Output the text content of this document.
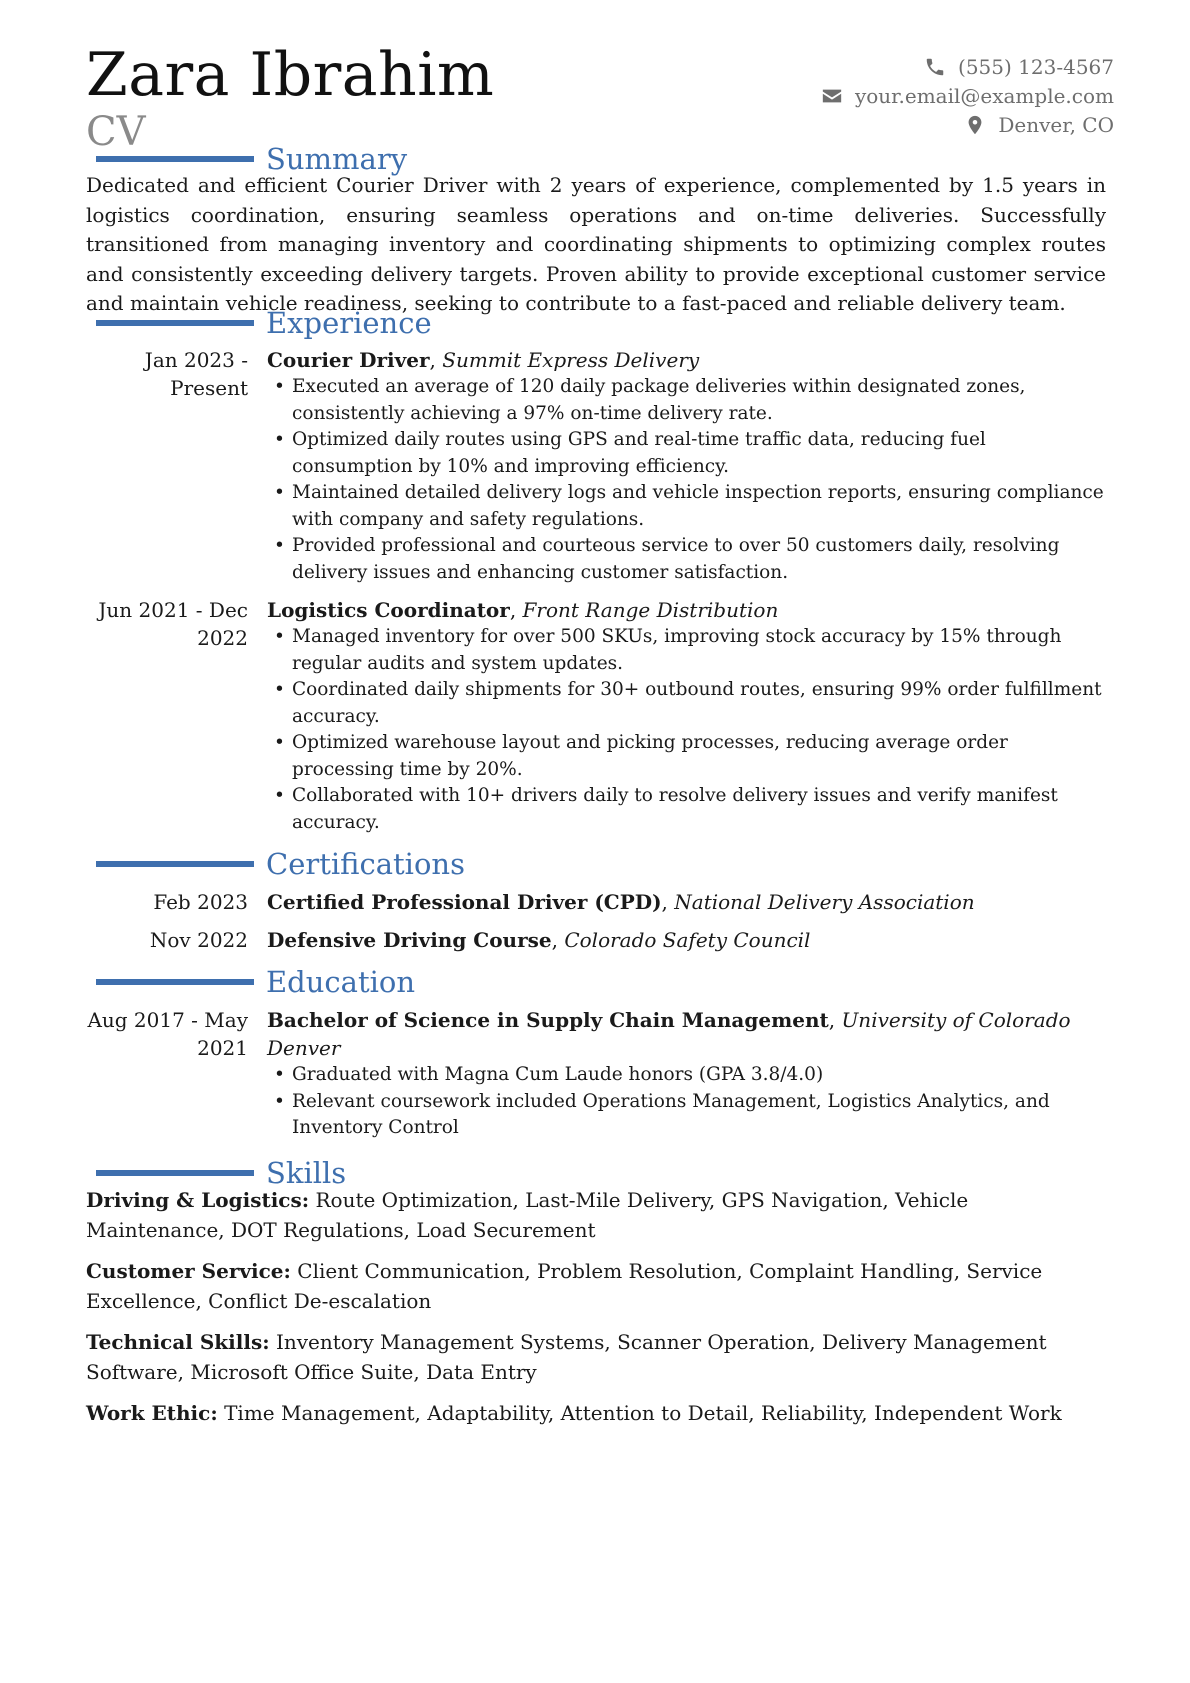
Zara Ibrahim
CV
(555) 123-4567
your.email@example.com
Denver, CO
Summary

Dedicated and efficient Courier Driver with 2 years of experience, complemented by 1.5 years in logistics coordination, ensuring seamless operations and on-time deliveries. Successfully transitioned from managing inventory and coordinating shipments to optimizing complex routes and consistently exceeding delivery targets. Proven ability to provide exceptional customer service and maintain vehicle readiness, seeking to contribute to a fast-paced and reliable delivery team.

Experience
Jan 2023 - Present
Courier Driver, Summit Express Delivery
• Executed an average of 120 daily package deliveries within designated zones, consistently achieving a 97% on-time delivery rate.
• Optimized daily routes using GPS and real-time traffic data, reducing fuel consumption by 10% and improving efficiency.
• Maintained detailed delivery logs and vehicle inspection reports, ensuring compliance with company and safety regulations.
• Provided professional and courteous service to over 50 customers daily, resolving delivery issues and enhancing customer satisfaction.
Jun 2021 - Dec 2022
Logistics Coordinator, Front Range Distribution
• Managed inventory for over 500 SKUs, improving stock accuracy by 15% through regular audits and system updates.
• Coordinated daily shipments for 30+ outbound routes, ensuring 99% order fulfillment accuracy.
• Optimized warehouse layout and picking processes, reducing average order processing time by 20%.
• Collaborated with 10+ drivers daily to resolve delivery issues and verify manifest accuracy.
Certifications
Feb 2023 Certified Professional Driver (CPD), National Delivery Association
Nov 2022 Defensive Driving Course, Colorado Safety Council
Education
Aug 2017 - May 2021
Bachelor of Science in Supply Chain Management, University of Colorado Denver
• Graduated with Magna Cum Laude honors (GPA 3.8/4.0)
• Relevant coursework included Operations Management, Logistics Analytics, and Inventory Control
Skills

Driving & Logistics: Route Optimization, Last-Mile Delivery, GPS Navigation, Vehicle Maintenance, DOT Regulations, Load Securement

Customer Service: Client Communication, Problem Resolution, Complaint Handling, Service Excellence, Conflict De-escalation

Technical Skills: Inventory Management Systems, Scanner Operation, Delivery Management Software, Microsoft Office Suite, Data Entry

Work Ethic: Time Management, Adaptability, Attention to Detail, Reliability, Independent Work
